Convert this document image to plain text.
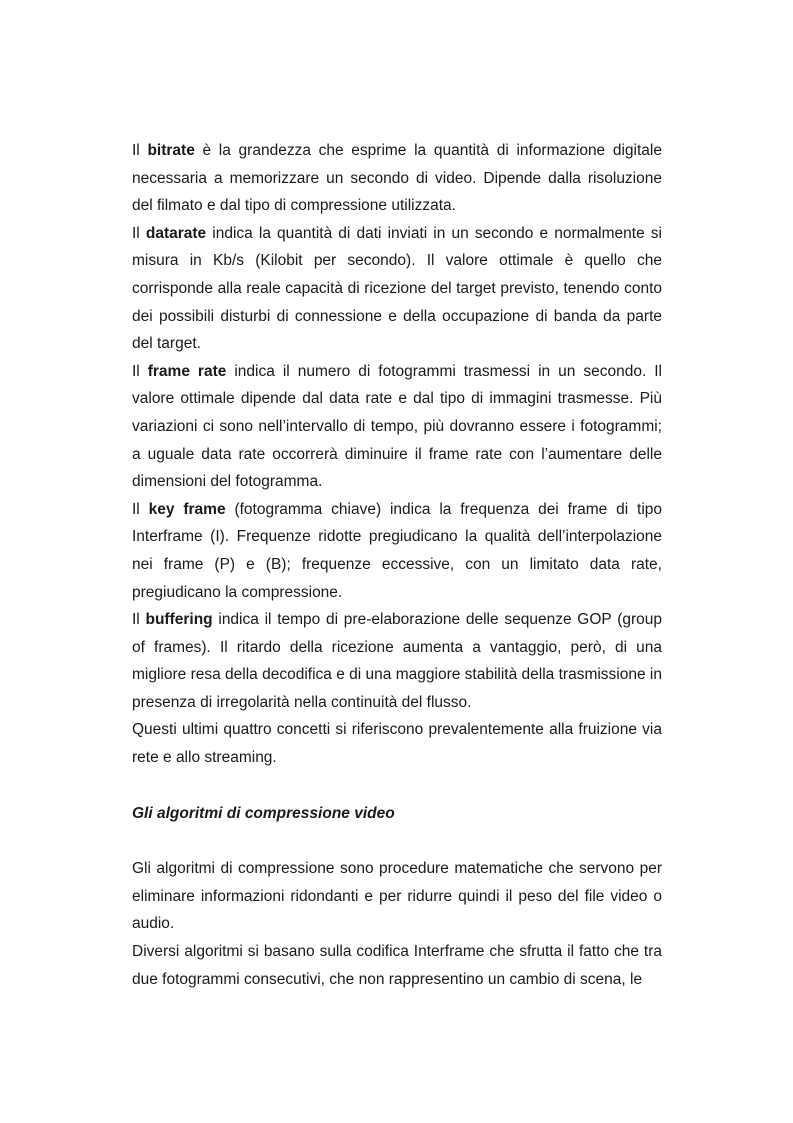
Il bitrate è la grandezza che esprime la quantità di informazione digitale necessaria a memorizzare un secondo di video. Dipende dalla risoluzione del filmato e dal tipo di compressione utilizzata.

Il datarate indica la quantità di dati inviati in un secondo e normalmente si misura in Kb/s (Kilobit per secondo). Il valore ottimale è quello che corrisponde alla reale capacità di ricezione del target previsto, tenendo conto dei possibili disturbi di connessione e della occupazione di banda da parte del target.

Il frame rate indica il numero di fotogrammi trasmessi in un secondo. Il valore ottimale dipende dal data rate e dal tipo di immagini trasmesse. Più variazioni ci sono nell’intervallo di tempo, più dovranno essere i fotogrammi; a uguale data rate occorrerà diminuire il frame rate con l’aumentare delle dimensioni del fotogramma.

Il key frame (fotogramma chiave) indica la frequenza dei frame di tipo Interframe (I). Frequenze ridotte pregiudicano la qualità dell’interpolazione nei frame (P) e (B); frequenze eccessive, con un limitato data rate, pregiudicano la compressione.

Il buffering indica il tempo di pre-elaborazione delle sequenze GOP (group of frames). Il ritardo della ricezione aumenta a vantaggio, però, di una migliore resa della decodifica e di una maggiore stabilità della trasmissione in presenza di irregolarità nella continuità del flusso.

Questi ultimi quattro concetti si riferiscono prevalentemente alla fruizione via rete e allo streaming.

Gli algoritmi di compressione video

Gli algoritmi di compressione sono procedure matematiche che servono per eliminare informazioni ridondanti e per ridurre quindi il peso del file video o audio.

Diversi algoritmi si basano sulla codifica Interframe che sfrutta il fatto che tra due fotogrammi consecutivi, che non rappresentino un cambio di scena, le
